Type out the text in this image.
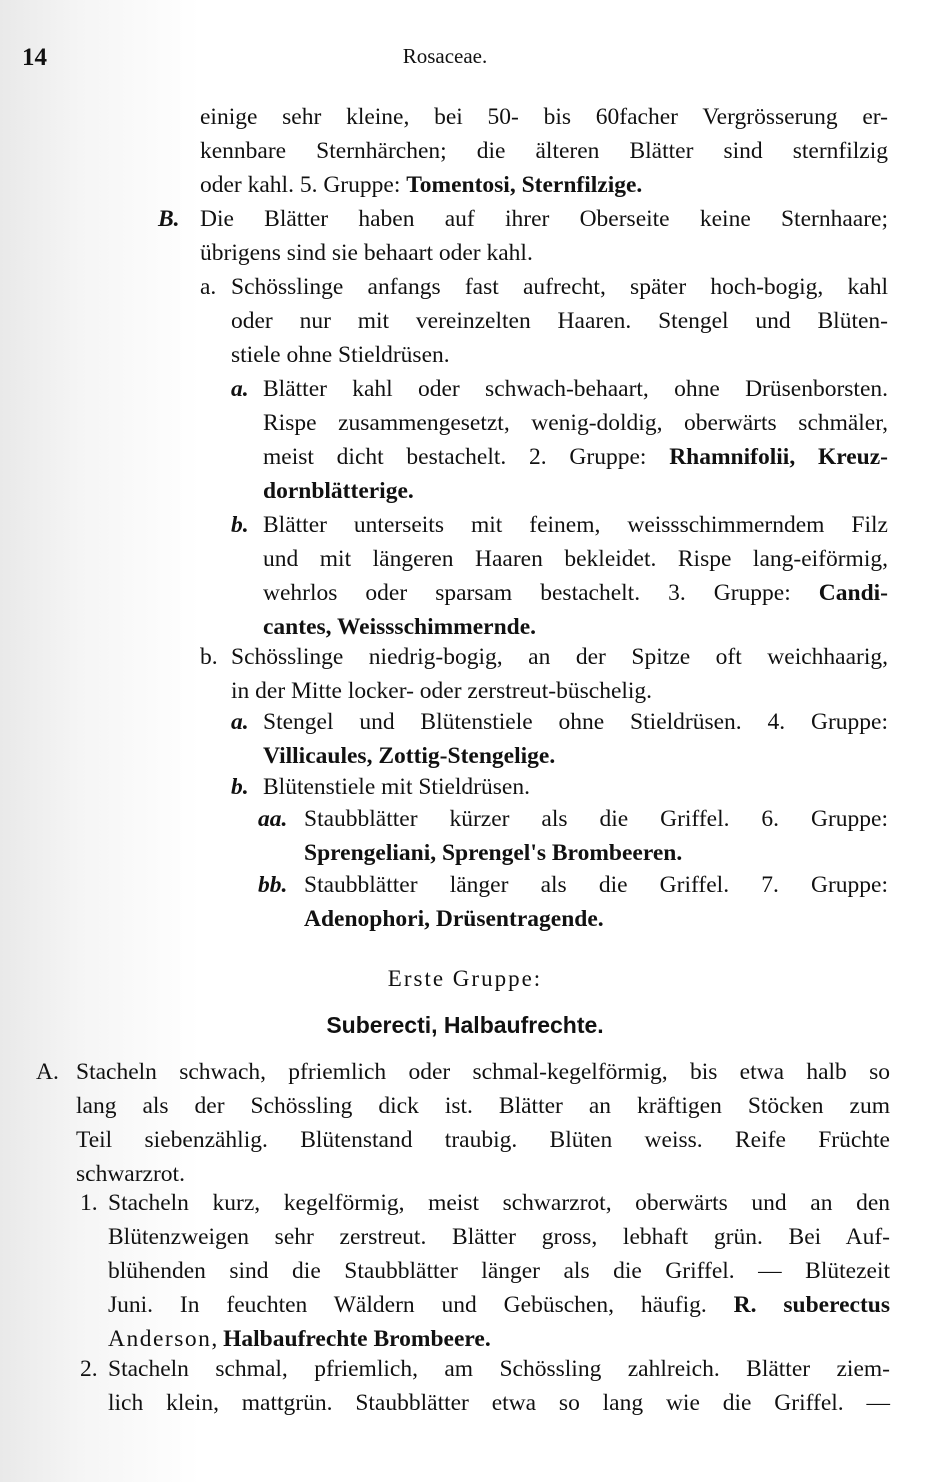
14	Rosaceae.
einige sehr kleine, bei 50- bis 60facher Vergrösserung er-
kennbare Sternhärchen; die älteren Blätter sind sternfilzig
oder kahl. 5. Gruppe: Tomentosi, Sternfilzige.
B. Die Blätter haben auf ihrer Oberseite keine Sternhaare;
übrigens sind sie behaart oder kahl.
a. Schösslinge anfangs fast aufrecht, später hoch-bogig, kahl
oder nur mit vereinzelten Haaren. Stengel und Blüten-
stiele ohne Stieldrüsen.
a. Blätter kahl oder schwach-behaart, ohne Drüsenborsten.
Rispe zusammengesetzt, wenig-doldig, oberwärts schmäler,
meist dicht bestachelt. 2. Gruppe: Rhamnifolii, Kreuz-
dornblätterige.
b. Blätter unterseits mit feinem, weissschimmerndem Filz
und mit längeren Haaren bekleidet. Rispe lang-eiförmig,
wehrlos oder sparsam bestachelt. 3. Gruppe: Candi-
cantes, Weissschimmernde.
b. Schösslinge niedrig-bogig, an der Spitze oft weichhaarig,
in der Mitte locker- oder zerstreut-büschelig.
a. Stengel und Blütenstiele ohne Stieldrüsen. 4. Gruppe:
Villicaules, Zottig-Stengelige.
b. Blütenstiele mit Stieldrüsen.
aa. Staubblätter kürzer als die Griffel. 6. Gruppe:
Sprengeliani, Sprengel's Brombeeren.
bb. Staubblätter länger als die Griffel. 7. Gruppe:
Adenophori, Drüsentragende.
Erste Gruppe:
Suberecti, Halbaufrechte.
A. Stacheln schwach, pfriemlich oder schmal-kegelförmig, bis etwa halb so
lang als der Schössling dick ist. Blätter an kräftigen Stöcken zum
Teil siebenzählig. Blütenstand traubig. Blüten weiss. Reife Früchte
schwarzrot.
1. Stacheln kurz, kegelförmig, meist schwarzrot, oberwärts und an den
Blütenzweigen sehr zerstreut. Blätter gross, lebhaft grün. Bei Auf-
blühenden sind die Staubblätter länger als die Griffel. — Blütezeit
Juni. In feuchten Wäldern und Gebüschen, häufig. R. suberectus
Anderson, Halbaufrechte Brombeere.
2. Stacheln schmal, pfriemlich, am Schössling zahlreich. Blätter ziem-
lich klein, mattgrün. Staubblätter etwa so lang wie die Griffel. —
